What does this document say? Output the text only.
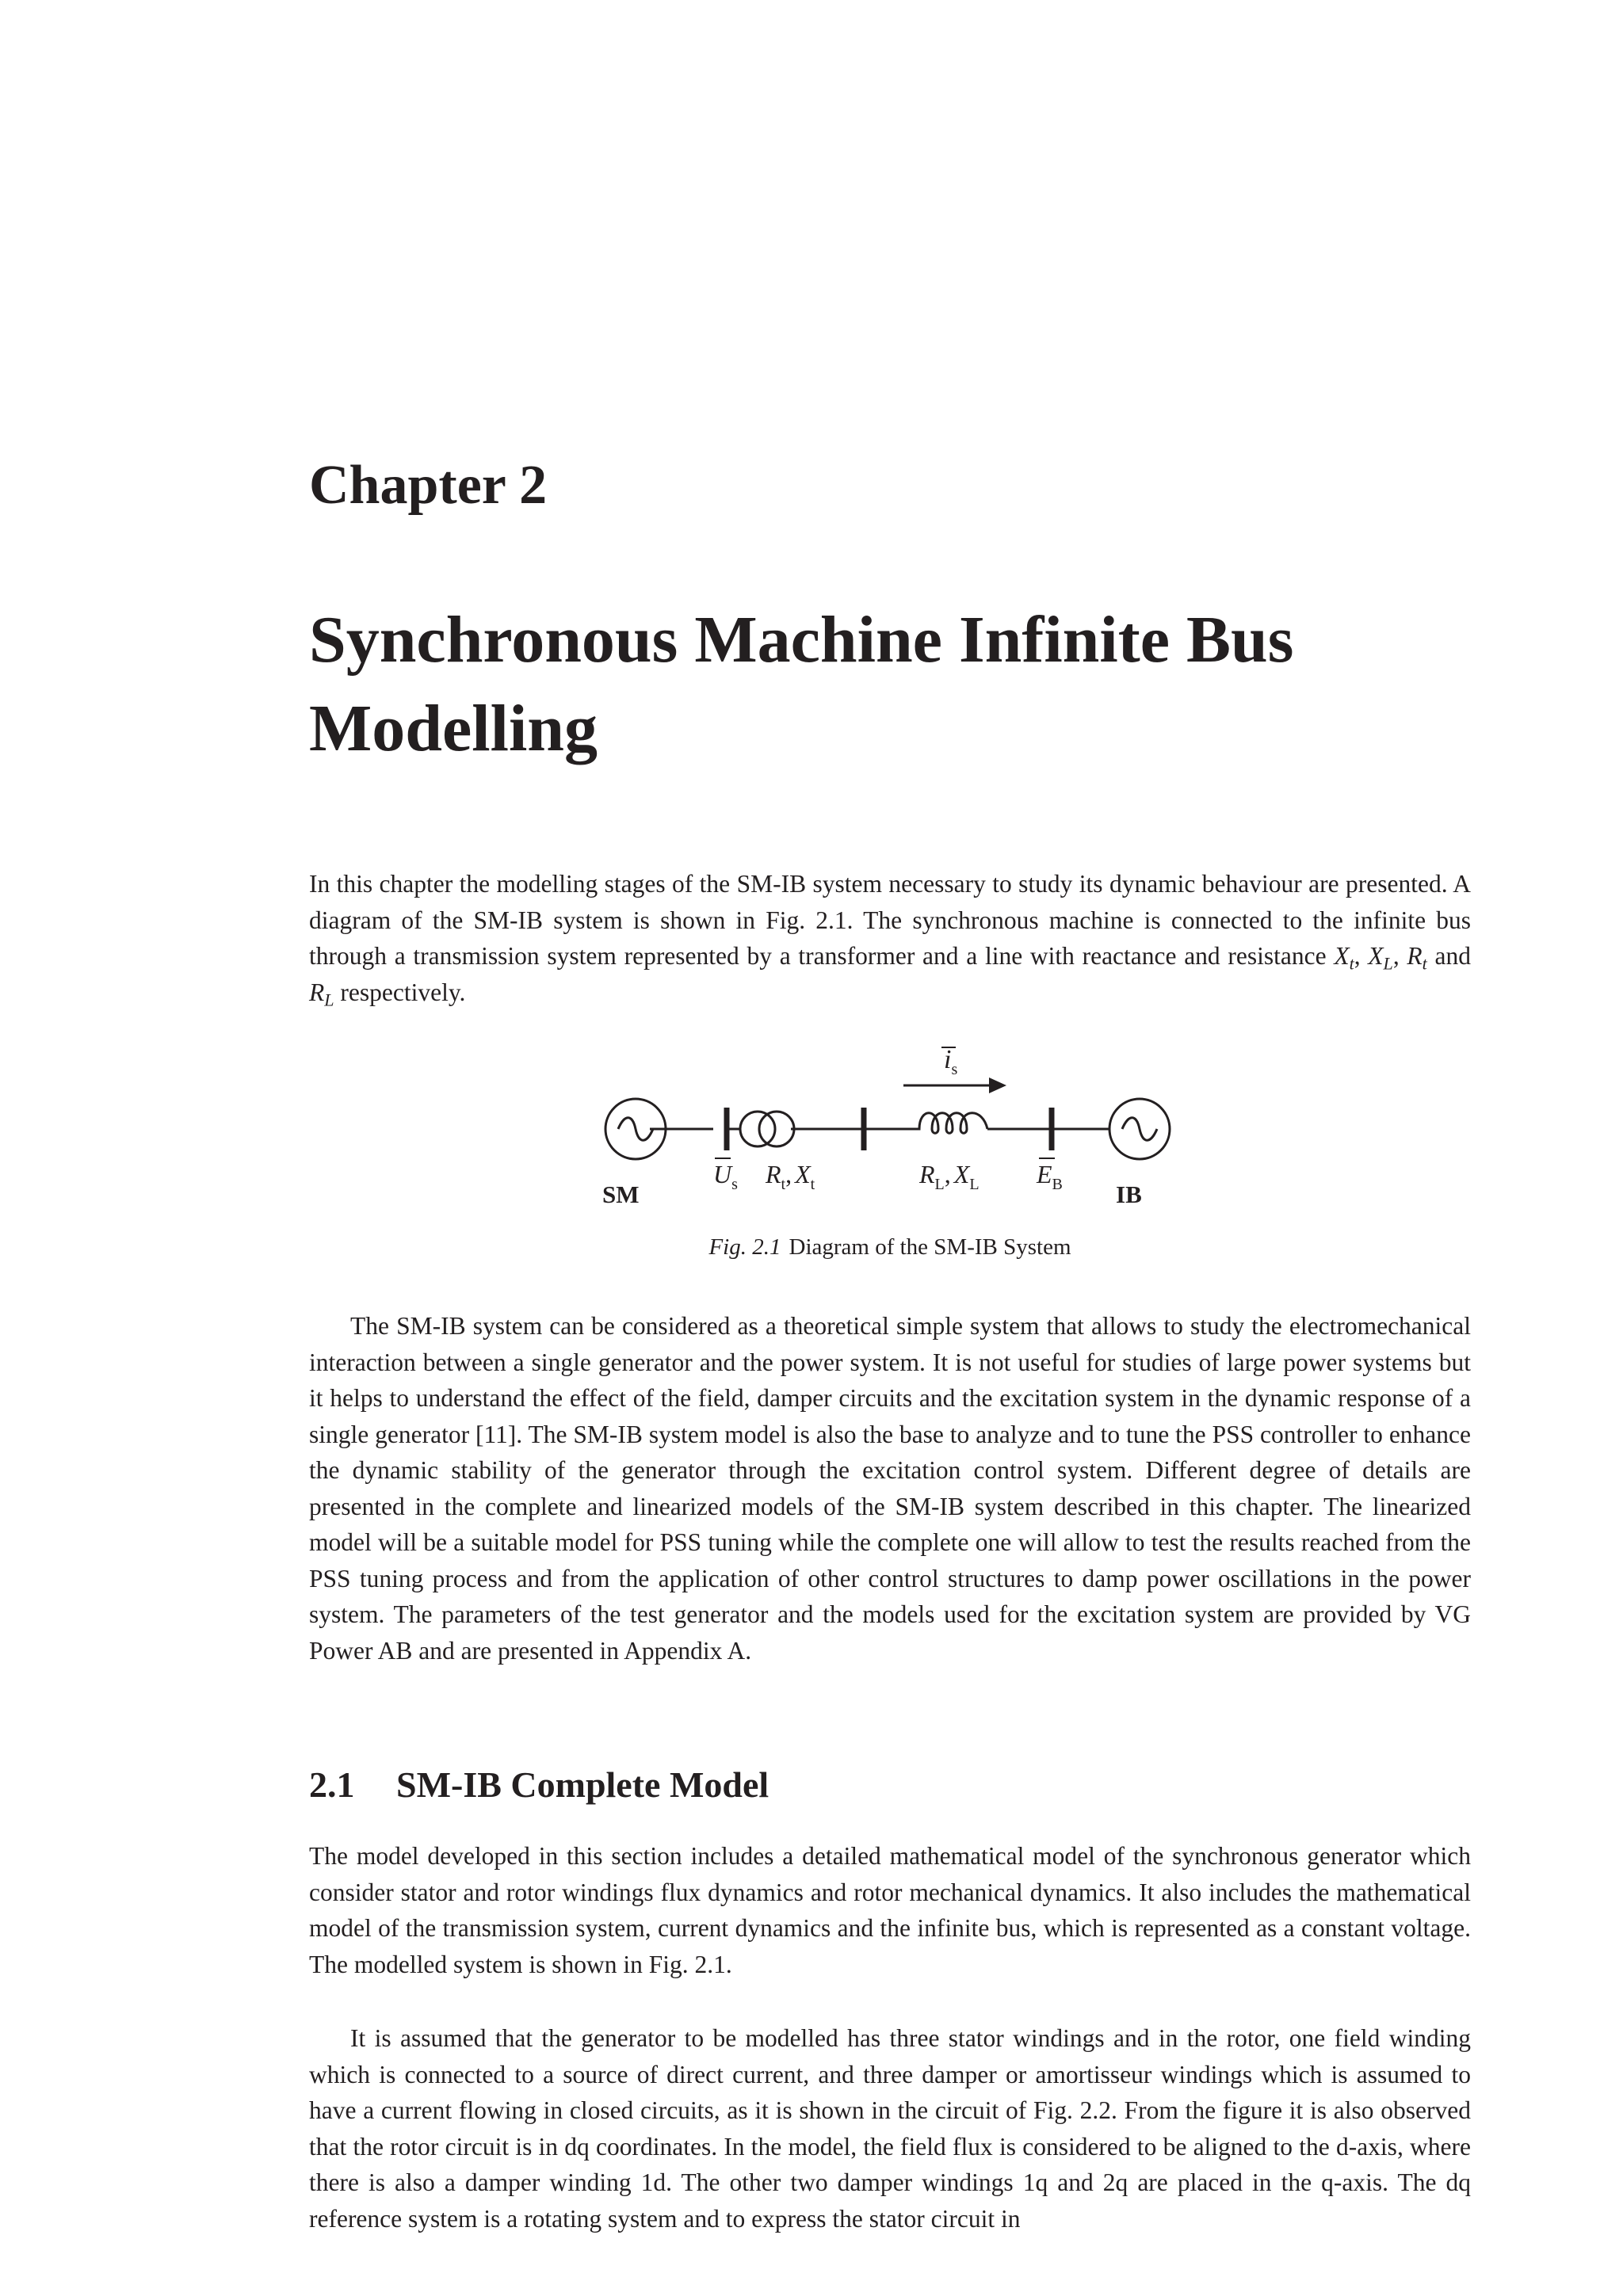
Chapter 2
Synchronous Machine Infinite Bus Modelling

In this chapter the modelling stages of the SM-IB system necessary to study its dynamic behaviour are presented. A diagram of the SM-IB system is shown in Fig. 2.1. The synchronous machine is connected to the infinite bus through a transmission system represented by a transformer and a line with reactance and resistance $X_t$, $X_L$, $R_t$ and $R_L$ respectively.

$i_s$
SM	IB
$U_s$ $R_t$, $X_t$	$R_L$, $X_L$ $E_B$
Fig. 2.1 Diagram of the SM-IB System

The SM-IB system can be considered as a theoretical simple system that allows to study the electromechanical interaction between a single generator and the power system. It is not useful for studies of large power systems but it helps to understand the effect of the field, damper circuits and the excitation system in the dynamic response of a single generator [11]. The SM-IB system model is also the base to analyze and to tune the PSS controller to enhance the dynamic stability of the generator through the excitation control system. Different degree of details are presented in the complete and linearized models of the SM-IB system described in this chapter. The linearized model will be a suitable model for PSS tuning while the complete one will allow to test the results reached from the PSS tuning process and from the application of other control structures to damp power oscillations in the power system. The parameters of the test generator and the models used for the excitation system are provided by VG Power AB and are presented in Appendix A.

2.1 SM-IB Complete Model

The model developed in this section includes a detailed mathematical model of the synchronous generator which consider stator and rotor windings flux dynamics and rotor mechanical dynamics. It also includes the mathematical model of the transmission system, current dynamics and the infinite bus, which is represented as a constant voltage. The modelled system is shown in Fig. 2.1.

It is assumed that the generator to be modelled has three stator windings and in the rotor, one field winding which is connected to a source of direct current, and three damper or amortisseur windings which is assumed to have a current flowing in closed circuits, as it is shown in the circuit of Fig. 2.2. From the figure it is also observed that the rotor circuit is in dq coordinates. In the model, the field flux is considered to be aligned to the d-axis, where there is also a damper winding 1d. The other two damper windings 1q and 2q are placed in the q-axis. The dq reference system is a rotating system and to express the stator circuit in
